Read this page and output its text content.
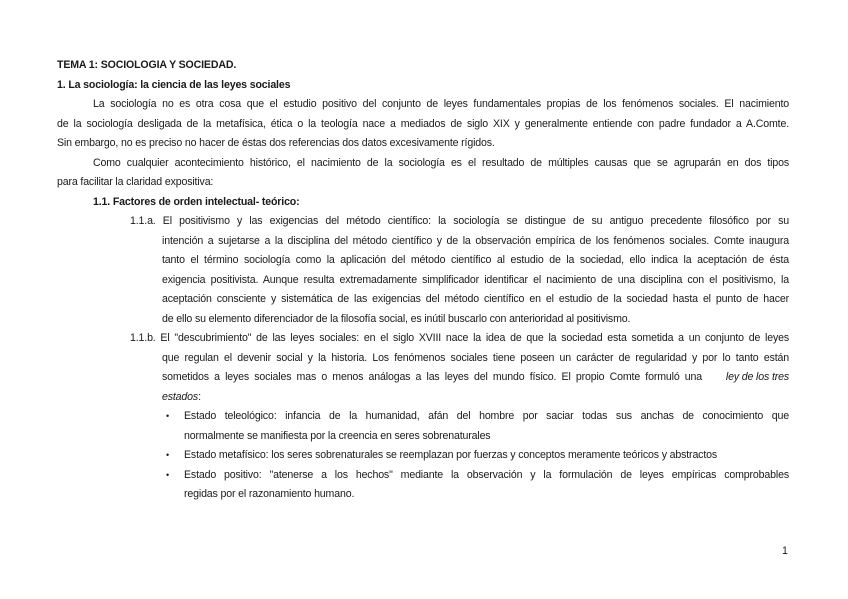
TEMA 1: SOCIOLOGIA Y SOCIEDAD.
1. La sociología: la ciencia de las leyes sociales
La sociología no es otra cosa que el estudio positivo del conjunto de leyes fundamentales propias de los fenómenos sociales. El nacimiento
de la sociología desligada de la metafísica, ética o la teología nace a mediados de siglo XIX y generalmente entiende con padre fundador a A.Comte.
Sin embargo, no es preciso no hacer de éstas dos referencias dos datos excesivamente rígidos.
Como cualquier acontecimiento histórico, el nacimiento de la sociología es el resultado de múltiples causas que se agruparán en dos tipos
para facilitar la claridad expositiva:
1.1. Factores de orden intelectual- teórico:
1.1.a. El positivismo y las exigencias del método científico: la sociología se distingue de su antiguo precedente filosófico por su
intención a sujetarse a la disciplina del método científico y de la observación empírica de los fenómenos sociales. Comte inaugura
tanto el término sociología como la aplicación del método científico al estudio de la sociedad, ello indica la aceptación de ésta
exigencia positivista. Aunque resulta extremadamente simplificador identificar el nacimiento de una disciplina con el positivismo, la
aceptación consciente y sistemática de las exigencias del método científico en el estudio de la sociedad hasta el punto de hacer
de ello su elemento diferenciador de la filosofía social, es inútil buscarlo con anterioridad al positivismo.
1.1.b. El "descubrimiento" de las leyes sociales: en el siglo XVIII nace la idea de que la sociedad esta sometida a un conjunto de leyes
que regulan el devenir social y la historia. Los fenómenos sociales tiene poseen un carácter de regularidad y por lo tanto están
sometidos a leyes sociales mas o menos análogas a las leyes del mundo físico. El propio Comte formuló una ley de los tres
estados:
• Estado teleológico: infancia de la humanidad, afán del hombre por saciar todas sus anchas de conocimiento que
normalmente se manifiesta por la creencia en seres sobrenaturales
• Estado metafísico: los seres sobrenaturales se reemplazan por fuerzas y conceptos meramente teóricos y abstractos
• Estado positivo: "atenerse a los hechos" mediante la observación y la formulación de leyes empíricas comprobables
regidas por el razonamiento humano.
1
